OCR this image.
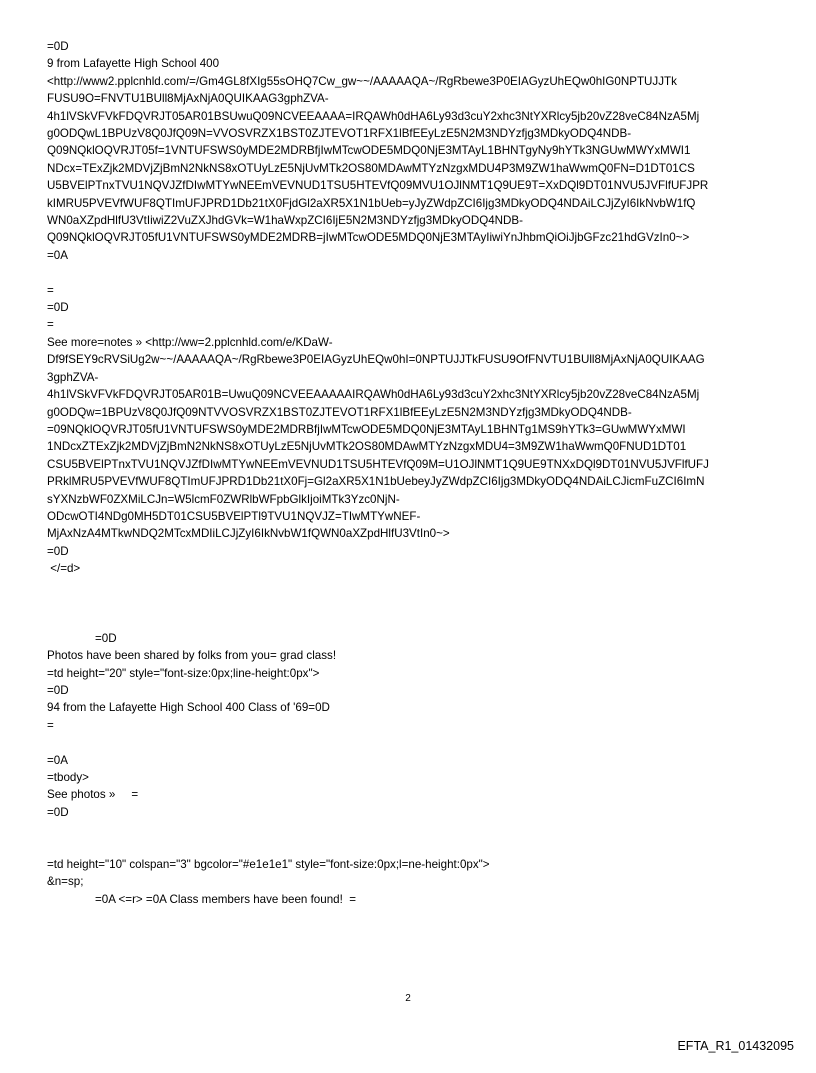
=0D
9 from Lafayette High School 400
<http://www2.pplcnhld.com/=/Gm4GL8fXIg55sOHQ7Cw_gw~~/AAAAAQA~/RgRbewe3P0EIAGyzUhEQw0hIG0NPTUJJTk
FUSU9O=FNVTU1BUll8MjAxNjA0QUIKAAG3gphZVA-
4h1lVSkVFVkFDQVRJT05AR01BSUwuQ09NCVEEAAAA=IRQAWh0dHA6Ly93d3cuY2xhc3NtYXRlcy5jb20vZ28veC84NzA5Mj
g0ODQwL1BPUzV8Q0JfQ09N=VVOSVRZX1BST0ZJTEVOT1RFX1lBfEEyLzE5N2M3NDYzfjg3MDkyODQ4NDB-
Q09NQklOQVRJT05f=1VNTUFSWS0yMDE2MDRBfjIwMTcwODE5MDQ0NjE3MTAyL1BHNTgyNy9hYTk3NGUwMWYxMWI1
NDcx=TExZjk2MDVjZjBmN2NkNS8xOTUyLzE5NjUvMTk2OS80MDAwMTYzNzgxMDU4P3M9ZW1haWwmQ0FN=D1DT01CS
U5BVElPTnxTVU1NQVJZfDIwMTYwNEEmVEVNUD1TSU5HTEVfQ09MVU1OJlNMT1Q9UE9T=XxDQl9DT01NVU5JVFlfUFJPR
kIMRU5PVEVfWUF8QTImUFJPRD1Db21tX0FjdGl2aXR5X1N1bUeb=yJyZWdpZCI6Ijg3MDkyODQ4NDAiLCJjZyI6IkNvbW1fQ
WN0aXZpdHlfU3VtIiwiZ2VuZXJhdGVk=W1haWxpZCI6IjE5N2M3NDYzfjg3MDkyODQ4NDB-
Q09NQklOQVRJT05fU1VNTUFSWS0yMDE2MDRB=jIwMTcwODE5MDQ0NjE3MTAyIiwiYnJhbmQiOiJjbGFzc21hdGVzIn0~>
=0A
=
=0D
=
See more=notes » <http://ww=2.pplcnhld.com/e/KDaW-
Df9fSEY9cRVSiUg2w~~/AAAAAQA~/RgRbewe3P0EIAGyzUhEQw0hI=0NPTUJJTkFUSU9OfFNVTU1BUll8MjAxNjA0QUIKAAG
3gphZVA-
4h1lVSkVFVkFDQVRJT05AR01B=UwuQ09NCVEEAAAAAIRQAWh0dHA6Ly93d3cuY2xhc3NtYXRlcy5jb20vZ28veC84NzA5Mj
g0ODQw=1BPUzV8Q0JfQ09NTVVOSVRZX1BST0ZJTEVOT1RFX1lBfEEyLzE5N2M3NDYzfjg3MDkyODQ4NDB-
=09NQklOQVRJT05fU1VNTUFSWS0yMDE2MDRBfjIwMTcwODE5MDQ0NjE3MTAyL1BHNTg1MS9hYTk3=GUwMWYxMWI
1NDcxZTExZjk2MDVjZjBmN2NkNS8xOTUyLzE5NjUvMTk2OS80MDAwMTYzNzgxMDU4=3M9ZW1haWwmQ0FNUD1DT01
CSU5BVElPTnxTVU1NQVJZfDIwMTYwNEEmVEVNUD1TSU5HTEVfQ09M=U1OJlNMT1Q9UE9TNXxDQl9DT01NVU5JVFlfUFJ
PRklMRU5PVEVfWUF8QTImUFJPRD1Db21tX0Fj=Gl2aXR5X1N1bUebeyJyZWdpZCI6Ijg3MDkyODQ4NDAiLCJicmFuZCI6ImN
sYXNzbWF0ZXMiLCJn=W5lcmF0ZWRlbWFpbGlkIjoiMTk3Yzc0NjN-
ODcwOTI4NDg0MH5DT01CSU5BVElPTl9TVU1NQVJZ=TIwMTYwNEF-
MjAxNzA4MTkwNDQ2MTcxMDIiLCJjZyI6IkNvbW1fQWN0aXZpdHlfU3VtIn0~>
=0D
</=d>
=0D
Photos have been shared by folks from you= grad class!
=td height="20" style="font-size:0px;line-height:0px">
=0D
94 from the Lafayette High School 400 Class of '69=0D
=
=0A
=tbody>
See photos »     =
=0D
=td height="10" colspan="3" bgcolor="#e1e1e1" style="font-size:0px;l=ne-height:0px">
&n=sp;
=0A <=r> =0A Class members have been found!  =
2
EFTA_R1_01432095
